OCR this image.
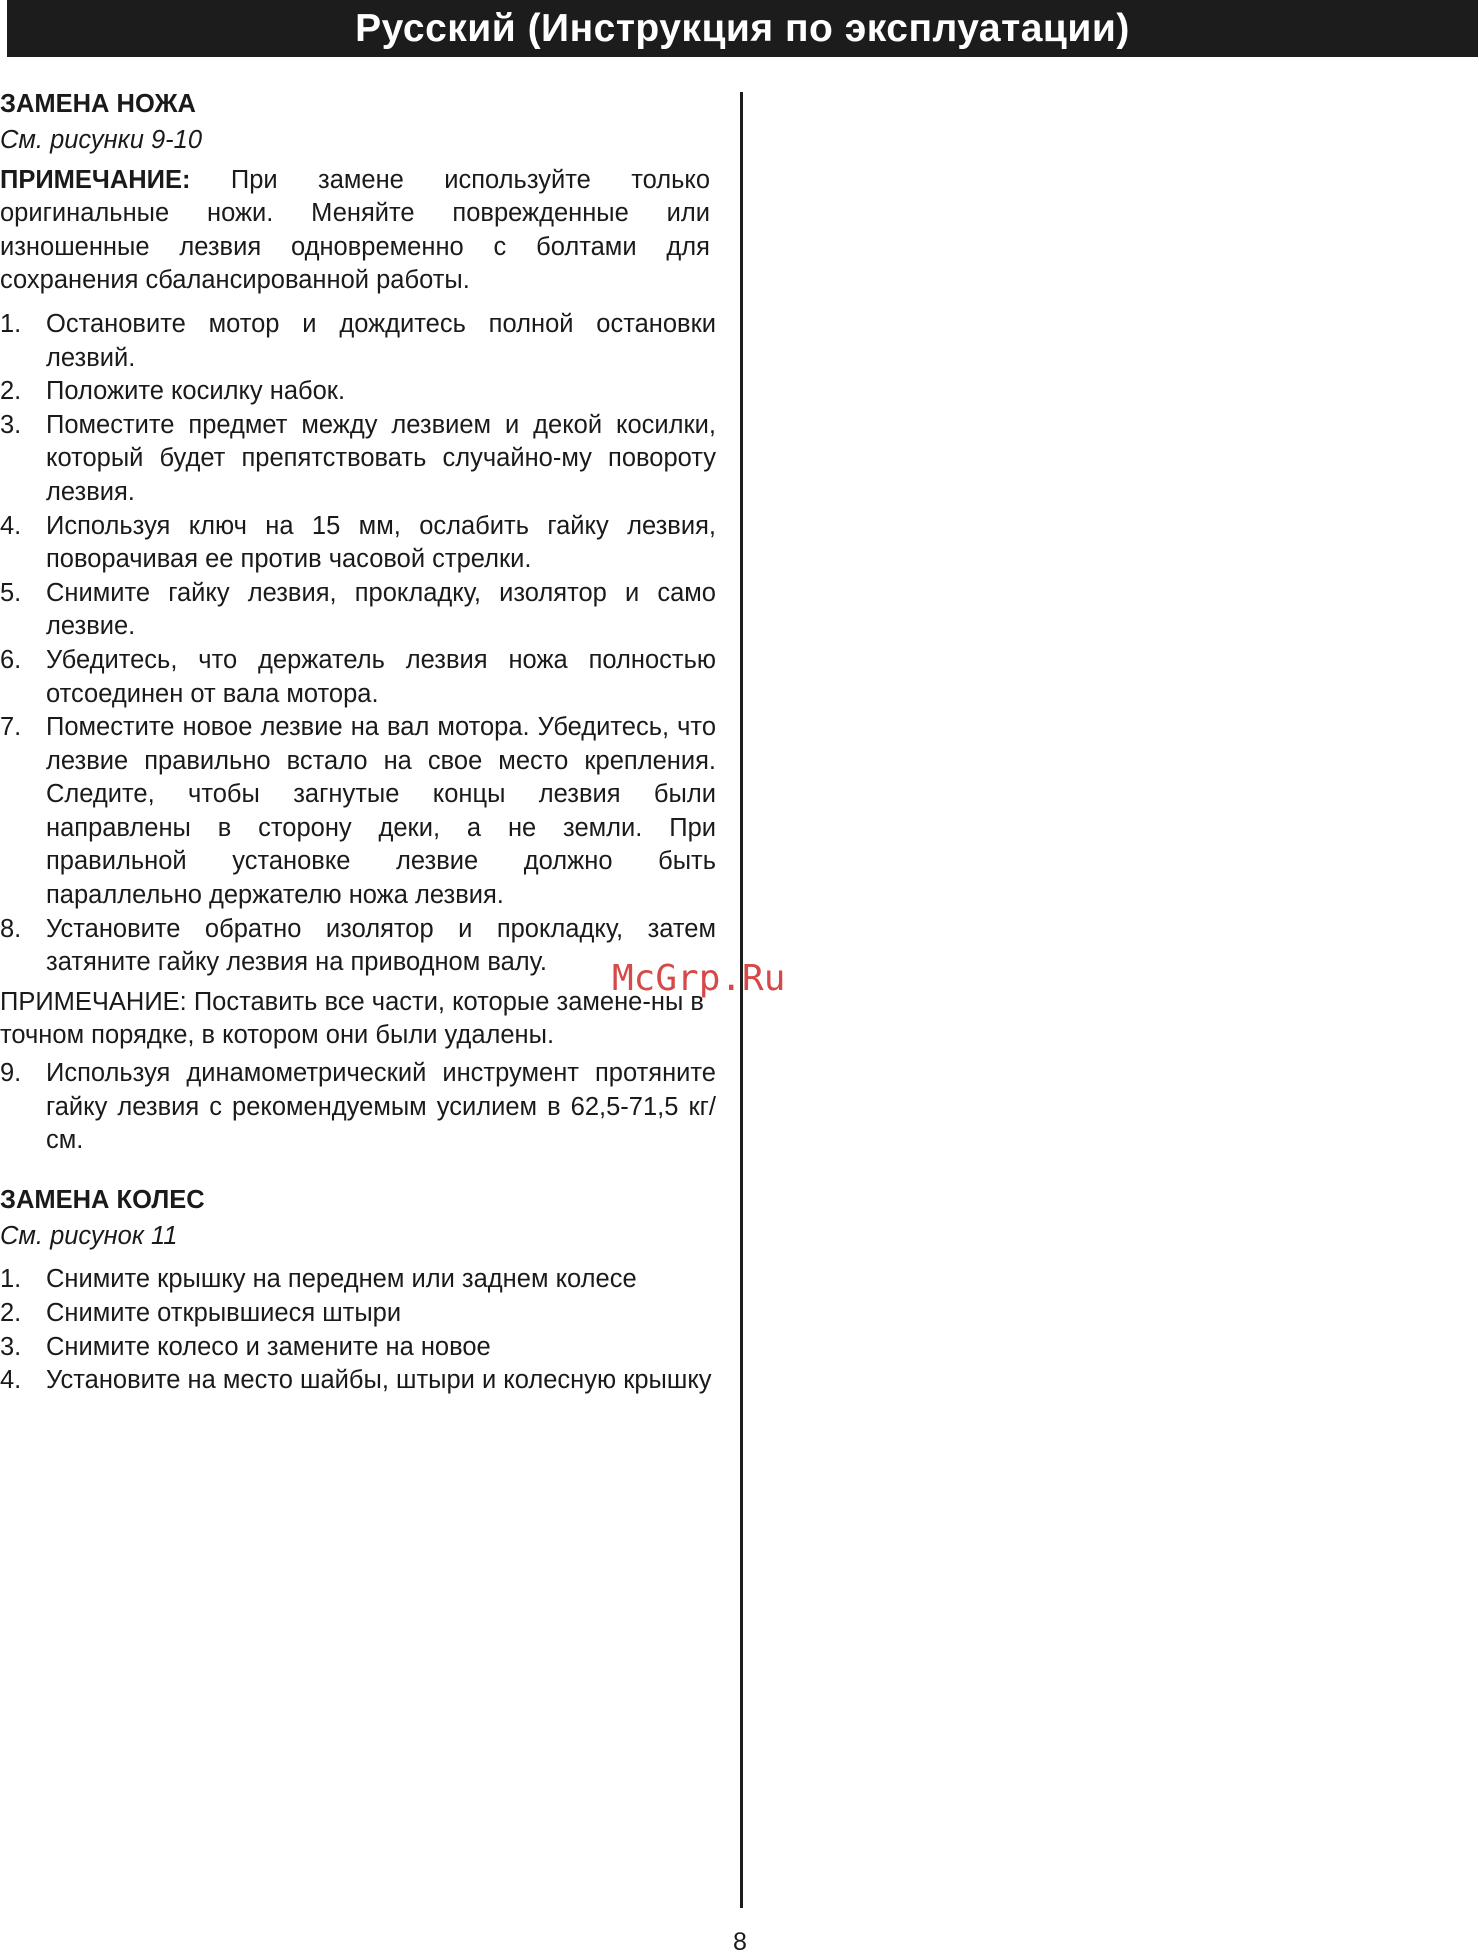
Русский (Инструкция по эксплуатации)
ЗАМЕНА НОЖА
См. рисунки 9-10
ПРИМЕЧАНИЕ: При замене используйте только оригинальные ножи. Меняйте поврежденные или изношенные лезвия одновременно с болтами для сохранения сбалансированной работы.
1. Остановите мотор и дождитесь полной остановки лезвий.
2. Положите косилку набок.
3. Поместите предмет между лезвием и декой косилки, который будет препятствовать случайно-му повороту лезвия.
4. Используя ключ на 15 мм, ослабить гайку лезвия, поворачивая ее против часовой стрелки.
5. Снимите гайку лезвия, прокладку, изолятор и само лезвие.
6. Убедитесь, что держатель лезвия ножа полностью отсоединен от вала мотора.
7. Поместите новое лезвие на вал мотора. Убедитесь, что лезвие правильно встало на свое место крепления. Следите, чтобы загнутые концы лезвия были направлены в сторону деки, а не земли. При правильной установке лезвие должно быть параллельно держателю ножа лезвия.
8. Установите обратно изолятор и прокладку, затем затяните гайку лезвия на приводном валу.
ПРИМЕЧАНИЕ: Поставить все части, которые замене-ны в точном порядке, в котором они были удалены.
9. Используя динамометрический инструмент протяните гайку лезвия с рекомендуемым усилием в 62,5-71,5 кг/см.
ЗАМЕНА КОЛЕС
См. рисунок 11
1. Снимите крышку на переднем или заднем колесе
2. Снимите открывшиеся штыри
3. Снимите колесо и замените на новое
4. Установите на место шайбы, штыри и колесную крышку
McGrp.Ru
8
